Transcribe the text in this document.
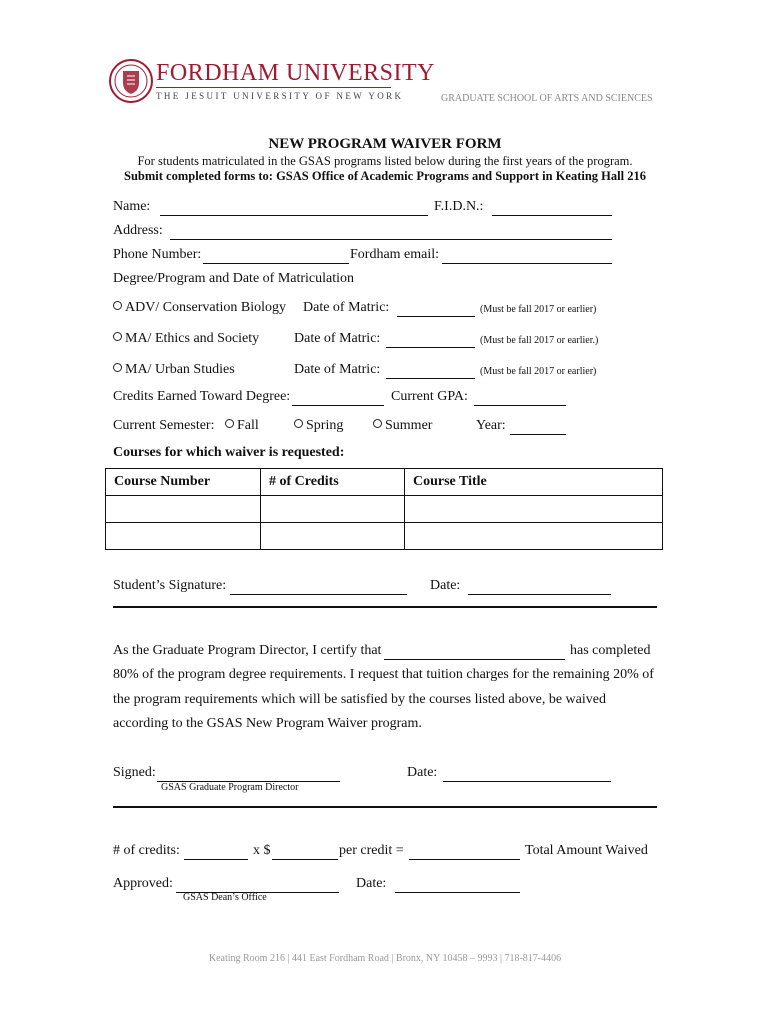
FORDHAM UNIVERSITY
THE JESUIT UNIVERSITY OF NEW YORK	GRADUATE SCHOOL OF ARTS AND SCIENCES
NEW PROGRAM WAIVER FORM
For students matriculated in the GSAS programs listed below during the first years of the program.
Submit completed forms to: GSAS Office of Academic Programs and Support in Keating Hall 216
Name:	F.I.D.N.:
Address:
Phone Number:	Fordham email:
Degree/Program and Date of Matriculation
ADV/ Conservation Biology Date of Matric:	(Must be fall 2017 or earlier)
MA/ Ethics and Society Date of Matric:	(Must be fall 2017 or earlier.)
MA/ Urban Studies	Date of Matric:	(Must be fall 2017 or earlier)
Credits Earned Toward Degree:	Current GPA:
Current Semester:	Fall	Spring	Summer	Year:
Courses for which waiver is requested:
Course Number	# of Credits	Course Title

Student’s Signature:	Date:
As the Graduate Program Director, I certify that	has completed
80% of the program degree requirements. I request that tuition charges for the remaining 20% of
the program requirements which will be satisfied by the courses listed above, be waived
according to the GSAS New Program Waiver program.
Signed:
GSAS Graduate Program Director
Date:
# of credits:	x $	per credit =	Total Amount Waived
Approved:
GSAS Dean’s Office
Date:
Keating Room 216 | 441 East Fordham Road | Bronx, NY 10458 – 9993 | 718-817-4406
